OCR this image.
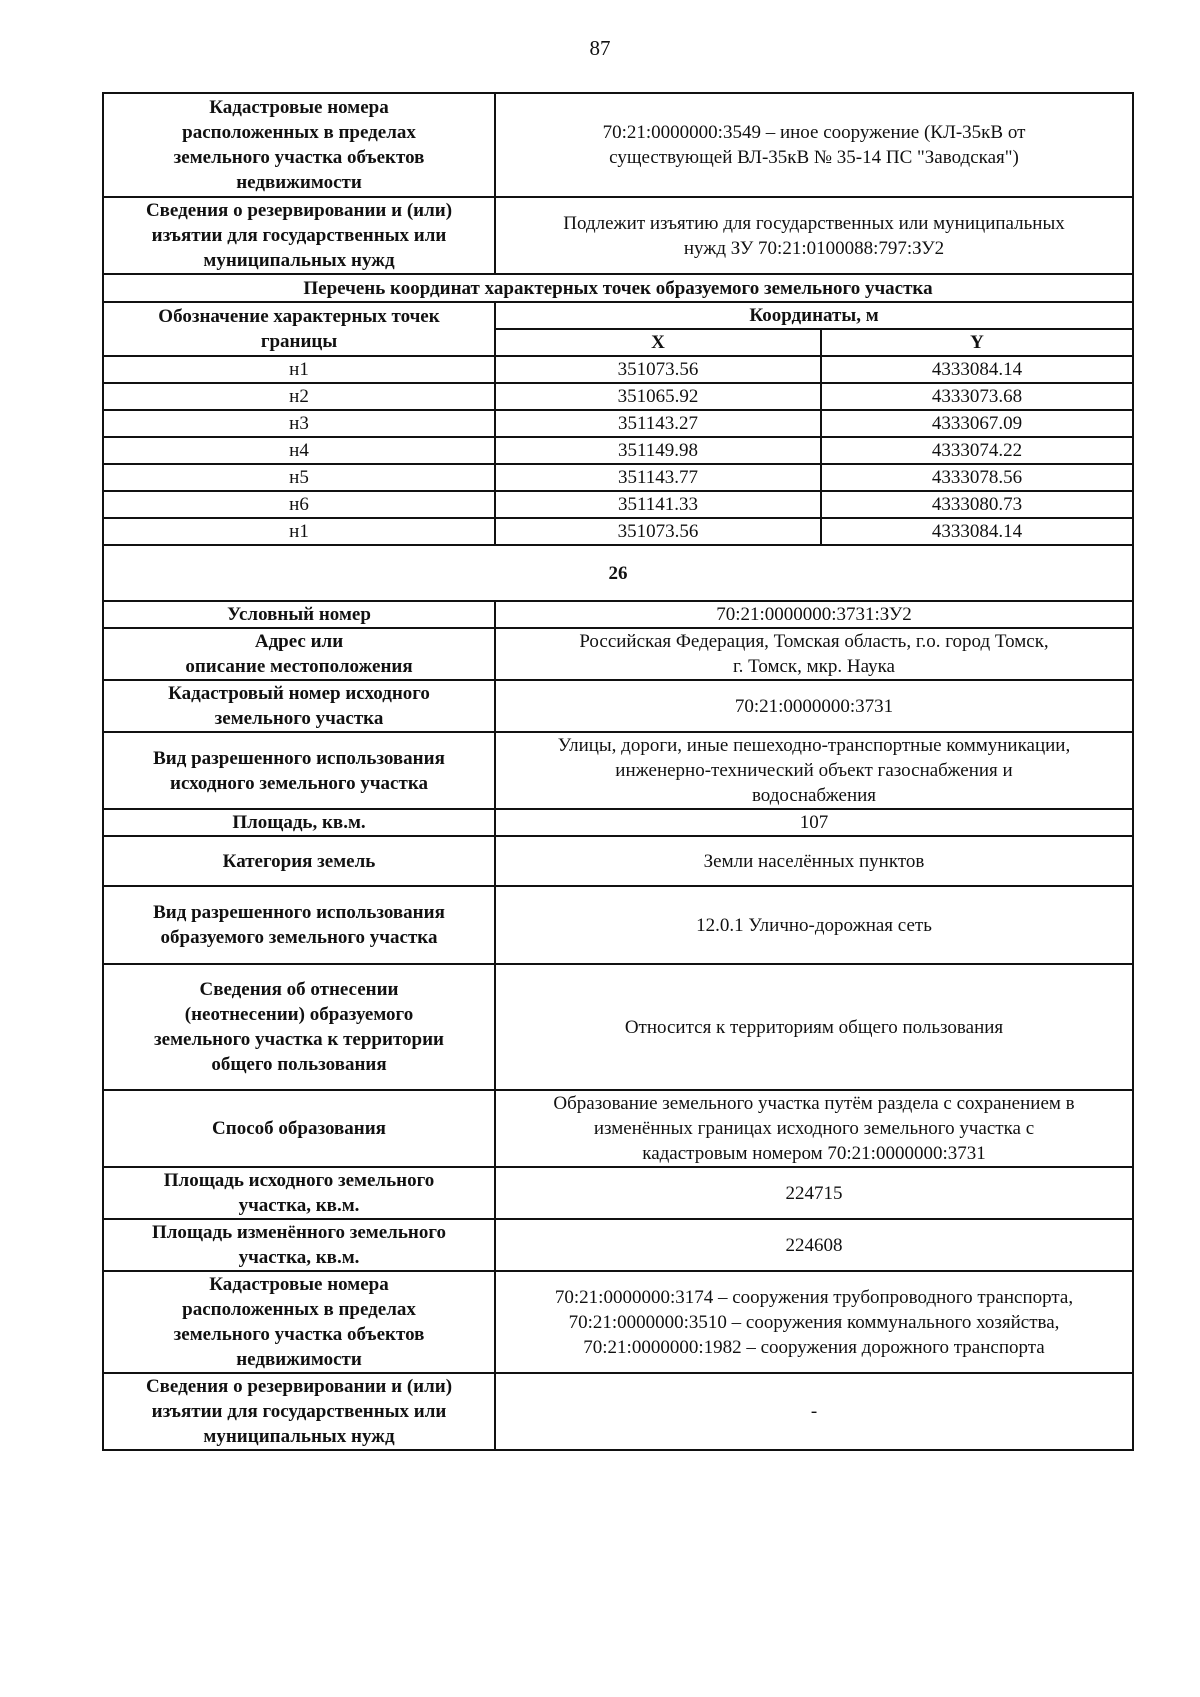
87
Кадастровые номера
расположенных в пределах
земельного участка объектов
недвижимости	70:21:0000000:3549 – иное сооружение (КЛ-35кВ от
существующей ВЛ-35кВ № 35-14 ПС "Заводская")	

Сведения о резервировании и (или)
изъятии для государственных или
муниципальных нужд	Подлежит изъятию для государственных или муниципальных
нужд ЗУ 70:21:0100088:797:ЗУ2	

Перечень координат характерных точек образуемого земельного участка		

Обозначение характерных точек
границы	Координаты, м	
	X	Y
н1	351073.56	4333084.14
н2	351065.92	4333073.68
н3	351143.27	4333067.09
н4	351149.98	4333074.22
н5	351143.77	4333078.56
н6	351141.33	4333080.73
н1	351073.56	4333084.14
26		

Условный номер	70:21:0000000:3731:ЗУ2	

Адрес или
описание местоположения	Российская Федерация, Томская область, г.о. город Томск,
г. Томск, мкр. Наука	

Кадастровый номер исходного
земельного участка	70:21:0000000:3731	

Вид разрешенного использования
исходного земельного участка	Улицы, дороги, иные пешеходно-транспортные коммуникации,
инженерно-технический объект газоснабжения и
водоснабжения	

Площадь, кв.м.	107	

Категория земель	Земли населённых пунктов	

Вид разрешенного использования
образуемого земельного участка	12.0.1 Улично-дорожная сеть	

Сведения об отнесении
(неотнесении) образуемого
земельного участка к территории
общего пользования	Относится к территориям общего пользования	

Способ образования	Образование земельного участка путём раздела с сохранением в
изменённых границах исходного земельного участка с
кадастровым номером 70:21:0000000:3731	

Площадь исходного земельного
участка, кв.м.	224715	

Площадь изменённого земельного
участка, кв.м.	224608	

Кадастровые номера
расположенных в пределах
земельного участка объектов
недвижимости	70:21:0000000:3174 – сооружения трубопроводного транспорта,
70:21:0000000:3510 – сооружения коммунального хозяйства,
70:21:0000000:1982 – сооружения дорожного транспорта	

Сведения о резервировании и (или)
изъятии для государственных или
муниципальных нужд	-	
